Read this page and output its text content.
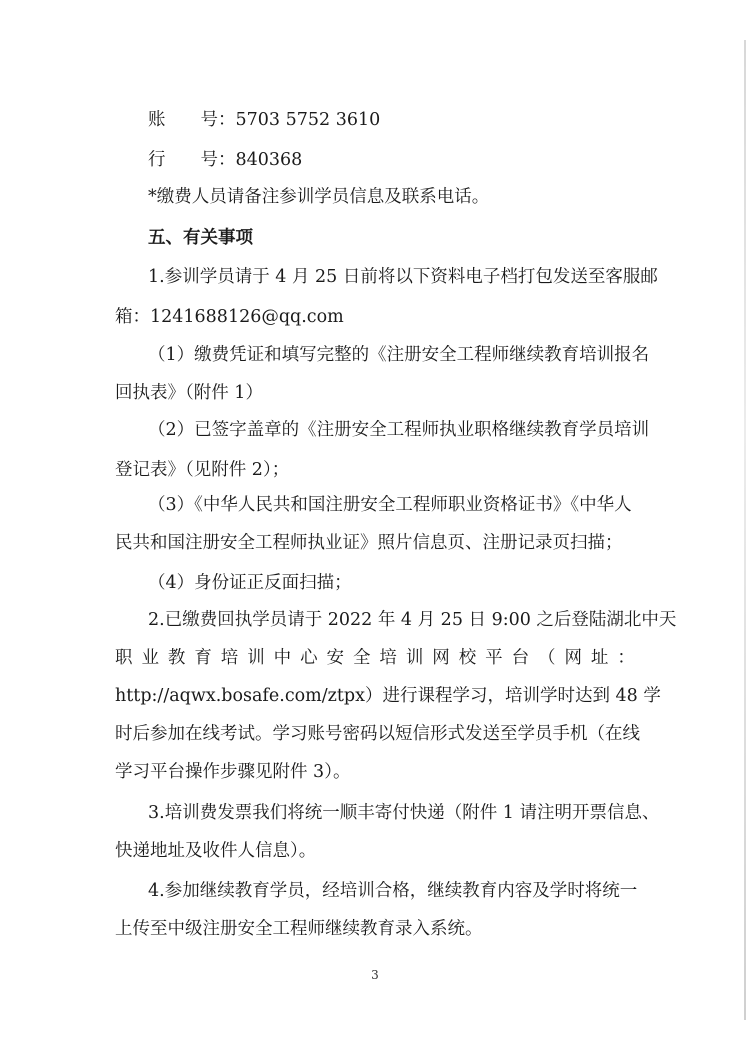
账　　号：5703 5752 3610
行　　号：840368
*缴费人员请备注参训学员信息及联系电话。
五、有关事项
1.参训学员请于 4 月 25 日前将以下资料电子档打包发送至客服邮
箱：1241688126@qq.com
（1）缴费凭证和填写完整的《注册安全工程师继续教育培训报名
回执表》（附件 1）
（2）已签字盖章的《注册安全工程师执业职格继续教育学员培训
登记表》（见附件 2）；
（3）《中华人民共和国注册安全工程师职业资格证书》《中华人
民共和国注册安全工程师执业证》照片信息页、注册记录页扫描；
（4）身份证正反面扫描；
2.已缴费回执学员请于 2022 年 4 月 25 日 9:00 之后登陆湖北中天
职 业 教 育 培 训 中 心 安 全 培 训 网 校 平 台 （ 网 址 ：
http://aqwx.bosafe.com/ztpx）进行课程学习，培训学时达到 48 学
时后参加在线考试。学习账号密码以短信形式发送至学员手机（在线
学习平台操作步骤见附件 3）。
3.培训费发票我们将统一顺丰寄付快递（附件 1 请注明开票信息、
快递地址及收件人信息）。
4.参加继续教育学员，经培训合格，继续教育内容及学时将统一
上传至中级注册安全工程师继续教育录入系统。
3
